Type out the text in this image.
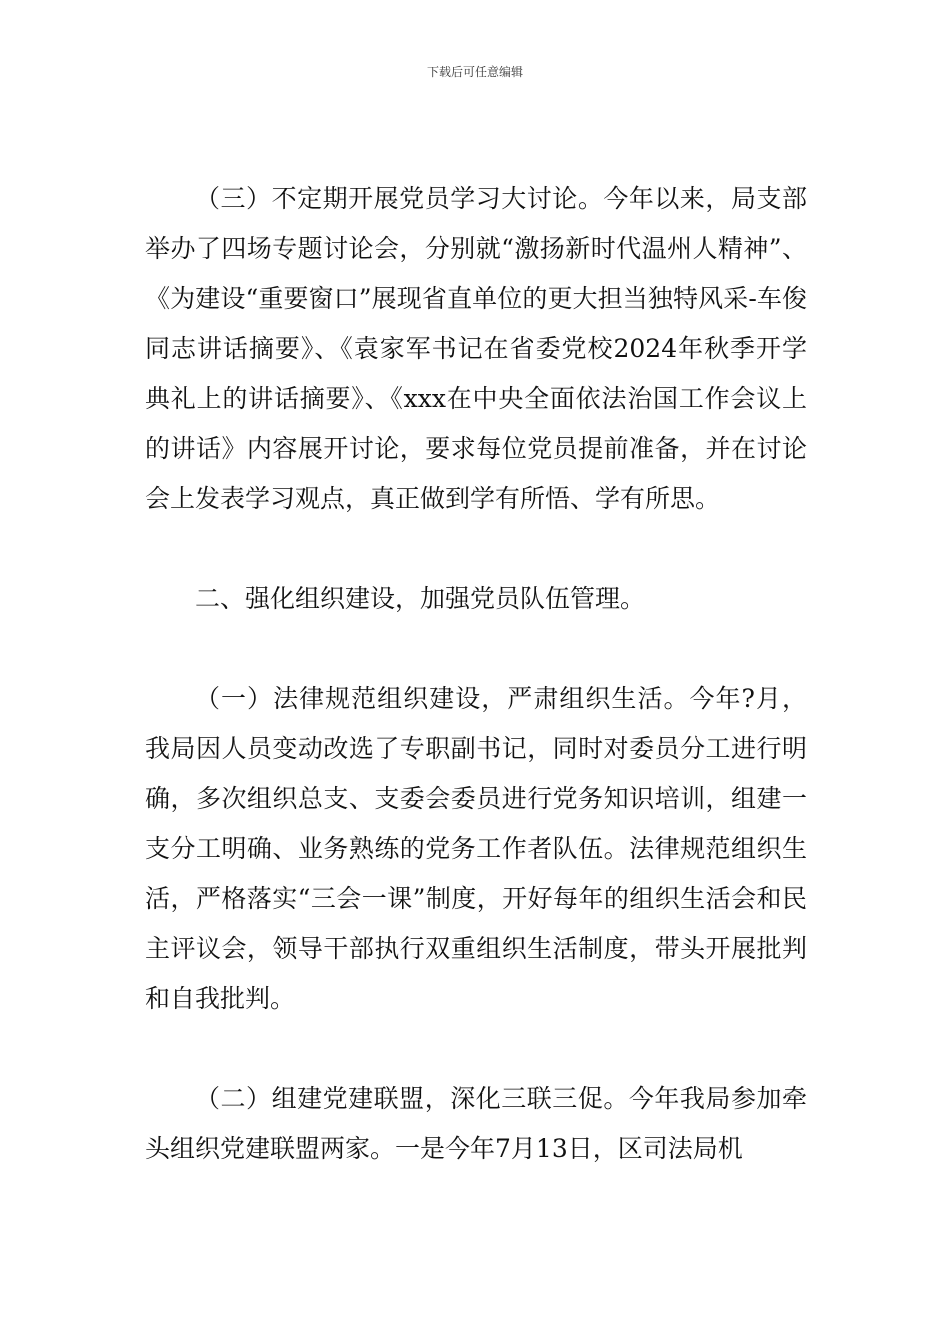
下载后可任意编辑

（三）不定期开展党员学习大讨论。今年以来，局支部举办了四场专题讨论会，分别就“激扬新时代温州人精神”、《为建设“重要窗口”展现省直单位的更大担当独特风采-车俊同志讲话摘要》、《袁家军书记在省委党校2024年秋季开学典礼上的讲话摘要》、《xxx在中央全面依法治国工作会议上的讲话》内容展开讨论，要求每位党员提前准备，并在讨论会上发表学习观点，真正做到学有所悟、学有所思。

二、强化组织建设，加强党员队伍管理。

（一）法律规范组织建设，严肃组织生活。今年?月，我局因人员变动改选了专职副书记，同时对委员分工进行明确，多次组织总支、支委会委员进行党务知识培训，组建一支分工明确、业务熟练的党务工作者队伍。法律规范组织生活，严格落实“三会一课”制度，开好每年的组织生活会和民主评议会，领导干部执行双重组织生活制度，带头开展批判和自我批判。

（二）组建党建联盟，深化三联三促。今年我局参加牵头组织党建联盟两家。一是今年7月13日，区司法局机
